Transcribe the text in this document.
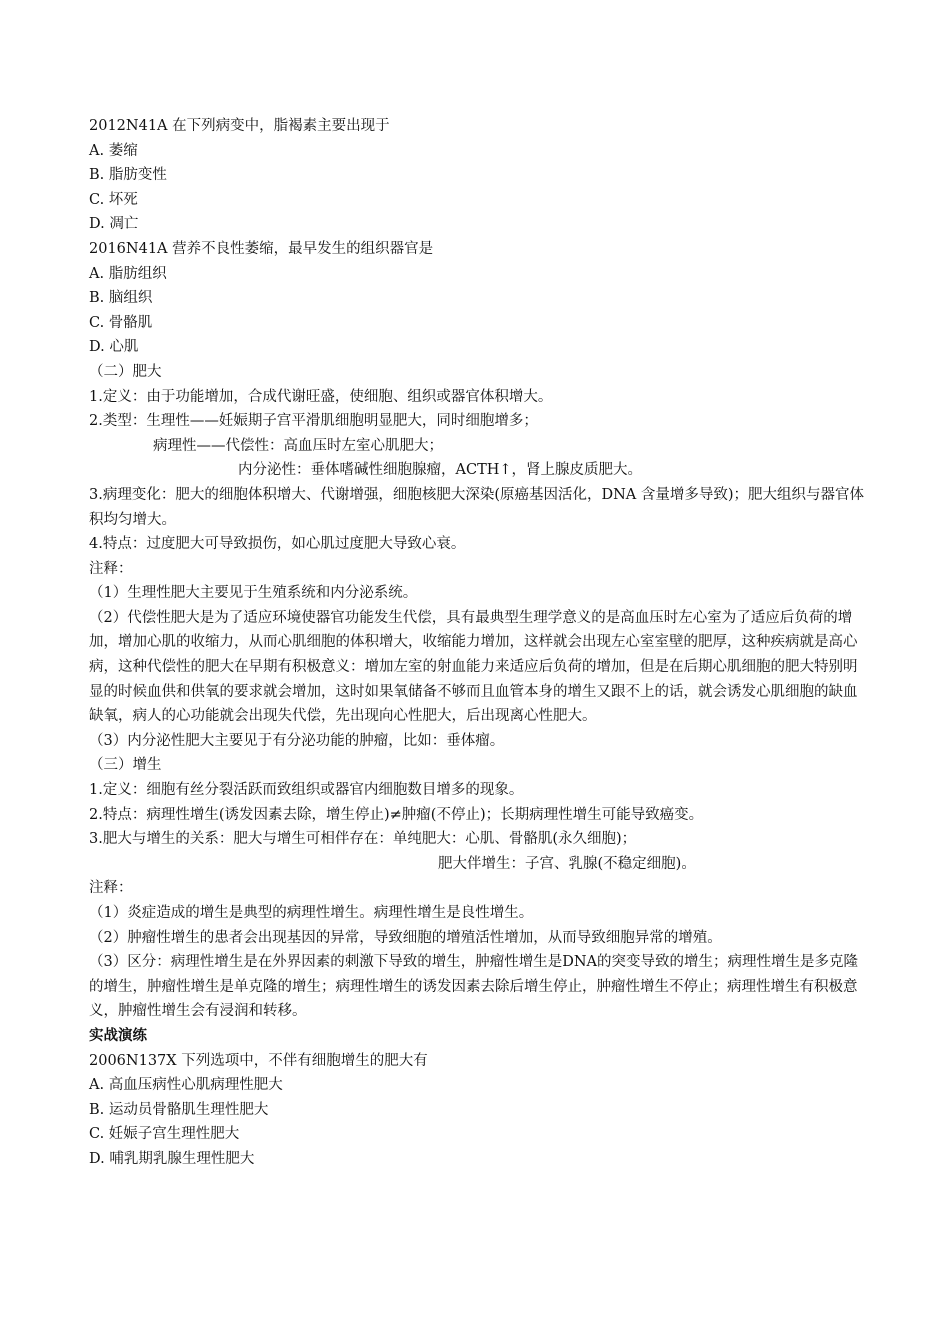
2012N41A 在下列病变中，脂褐素主要出现于
A. 萎缩
B. 脂肪变性
C. 坏死
D. 凋亡
2016N41A 营养不良性萎缩，最早发生的组织器官是
A. 脂肪组织
B. 脑组织
C. 骨骼肌
D. 心肌
（二）肥大
1.定义：由于功能增加，合成代谢旺盛，使细胞、组织或器官体积增大。
2.类型：生理性——妊娠期子宫平滑肌细胞明显肥大，同时细胞增多；
病理性——代偿性：高血压时左室心肌肥大；
内分泌性：垂体嗜碱性细胞腺瘤，ACTH↑，肾上腺皮质肥大。
3.病理变化：肥大的细胞体积增大、代谢增强，细胞核肥大深染(原癌基因活化，DNA 含量增多导致)；肥大组织与器官体积均匀增大。
4.特点：过度肥大可导致损伤，如心肌过度肥大导致心衰。
注释：
（1）生理性肥大主要见于生殖系统和内分泌系统。
（2）代偿性肥大是为了适应环境使器官功能发生代偿，具有最典型生理学意义的是高血压时左心室为了适应后负荷的增加，增加心肌的收缩力，从而心肌细胞的体积增大，收缩能力增加，这样就会出现左心室室壁的肥厚，这种疾病就是高心病，这种代偿性的肥大在早期有积极意义：增加左室的射血能力来适应后负荷的增加，但是在后期心肌细胞的肥大特别明显的时候血供和供氧的要求就会增加，这时如果氧储备不够而且血管本身的增生又跟不上的话，就会诱发心肌细胞的缺血缺氧，病人的心功能就会出现失代偿，先出现向心性肥大，后出现离心性肥大。
（3）内分泌性肥大主要见于有分泌功能的肿瘤，比如：垂体瘤。
（三）增生
1.定义：细胞有丝分裂活跃而致组织或器官内细胞数目增多的现象。
2.特点：病理性增生(诱发因素去除，增生停止)≠肿瘤(不停止)；长期病理性增生可能导致癌变。
3.肥大与增生的关系：肥大与增生可相伴存在：单纯肥大：心肌、骨骼肌(永久细胞)；
肥大伴增生：子宫、乳腺(不稳定细胞)。
注释：
（1）炎症造成的增生是典型的病理性增生。病理性增生是良性增生。
（2）肿瘤性增生的患者会出现基因的异常，导致细胞的增殖活性增加，从而导致细胞异常的增殖。
（3）区分：病理性增生是在外界因素的刺激下导致的增生，肿瘤性增生是DNA的突变导致的增生；病理性增生是多克隆的增生，肿瘤性增生是单克隆的增生；病理性增生的诱发因素去除后增生停止，肿瘤性增生不停止；病理性增生有积极意义，肿瘤性增生会有浸润和转移。
实战演练
2006N137X 下列选项中，不伴有细胞增生的肥大有
A. 高血压病性心肌病理性肥大
B. 运动员骨骼肌生理性肥大
C. 妊娠子宫生理性肥大
D. 哺乳期乳腺生理性肥大
